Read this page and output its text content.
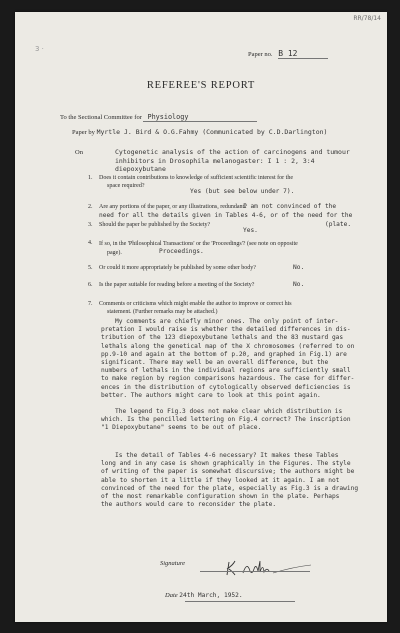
RR/78/14
3 ·
Paper no. B 12
REFEREE'S REPORT
To the Sectional Committee for Physiology
Paper by Myrtle J. Bird & O.G.Fahmy (Communicated by C.D.Darlington)
On	Cytogenetic analysis of the action of carcinogens and tumour
inhibitors in Drosophila melanogaster: I 1 : 2, 3:4
diepoxybutane
1. Does it contain contributions to knowledge of sufficient scientific interest for the
space required?
Yes (but see below under 7).
2. Are any portions of the paper, or any illustrations, redundant?
I am not convinced of the
need for all the details given in Tables 4-6, or of the need for the
(plate.
3. Should the paper be published by the Society?
Yes.
4. If so, in the 'Philosophical Transactions' or the 'Proceedings'? (see note on opposite
page).	Proceedings.
5. Or could it more appropriately be published by some other body?	No.
6. Is the paper suitable for reading before a meeting of the Society?	No.
7. Comments or criticisms which might enable the author to improve or correct his
statement. (Further remarks may be attached.)
My comments are chiefly minor ones. The only point of inter-
pretation I would raise is whether the detailed differences in dis-
tribution of the 123 diepoxybutane lethals and the 83 mustard gas
lethals along the genetical map of the X chromosomes (referred to on
pp.9-10 and again at the bottom of p.20, and graphed in Fig.1) are
significant. There may well be an overall difference, but the
numbers of lethals in the individual regions are sufficiently small
to make region by region comparisons hazardous. The case for differ-
ences in the distribution of cytologically observed deficiencies is
better. The authors might care to look at this point again.
The legend to Fig.3 does not make clear which distribution is
which. Is the pencilled lettering on Fig.4 correct? The inscription
"1 Diepoxybutane" seems to be out of place.
Is the detail of Tables 4-6 necessary? It makes these Tables
long and in any case is shown graphically in the Figures. The style
of writing of the paper is somewhat discursive; the authors might be
able to shorten it a little if they looked at it again. I am not
convinced of the need for the plate, especially as Fig.3 is a drawing
of the most remarkable configuration shown in the plate. Perhaps
the authors would care to reconsider the plate.
Signature
Date 24th March, 1952.
